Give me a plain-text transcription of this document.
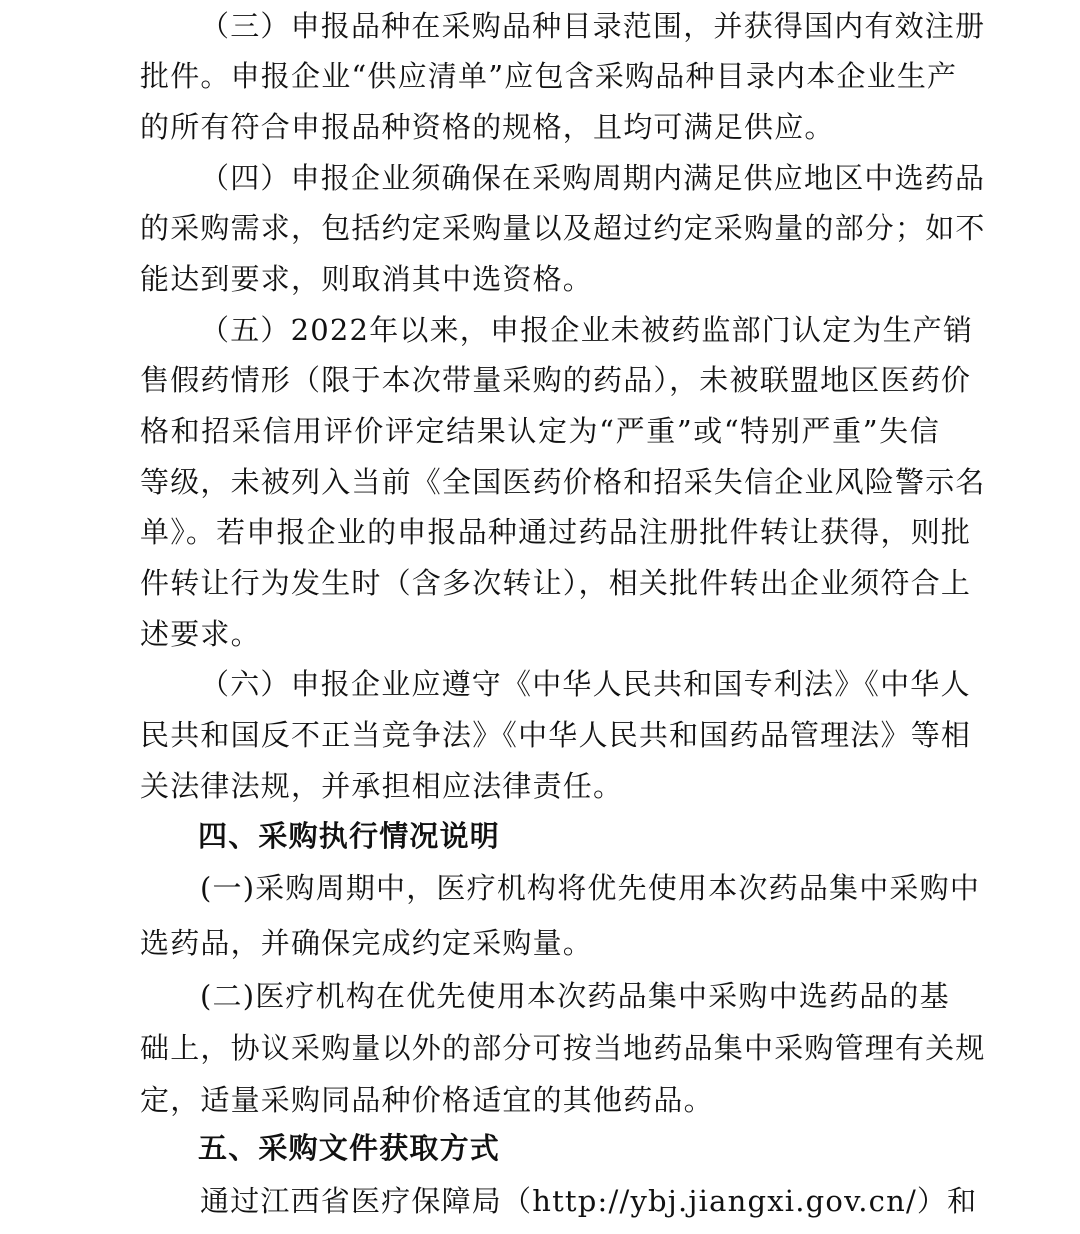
（三）申报品种在采购品种目录范围，并获得国内有效注册
批件。申报企业“供应清单”应包含采购品种目录内本企业生产
的所有符合申报品种资格的规格，且均可满足供应。
（四）申报企业须确保在采购周期内满足供应地区中选药品
的采购需求，包括约定采购量以及超过约定采购量的部分；如不
能达到要求，则取消其中选资格。
（五）2022年以来，申报企业未被药监部门认定为生产销
售假药情形（限于本次带量采购的药品），未被联盟地区医药价
格和招采信用评价评定结果认定为“严重”或“特别严重”失信
等级，未被列入当前《全国医药价格和招采失信企业风险警示名
单》。若申报企业的申报品种通过药品注册批件转让获得，则批
件转让行为发生时（含多次转让），相关批件转出企业须符合上
述要求。
（六）申报企业应遵守《中华人民共和国专利法》《中华人
民共和国反不正当竞争法》《中华人民共和国药品管理法》等相
关法律法规，并承担相应法律责任。
四、采购执行情况说明
(一)采购周期中，医疗机构将优先使用本次药品集中采购中
选药品，并确保完成约定采购量。
(二)医疗机构在优先使用本次药品集中采购中选药品的基
础上，协议采购量以外的部分可按当地药品集中采购管理有关规
定，适量采购同品种价格适宜的其他药品。
五、采购文件获取方式
通过江西省医疗保障局（http://ybj.jiangxi.gov.cn/）和
